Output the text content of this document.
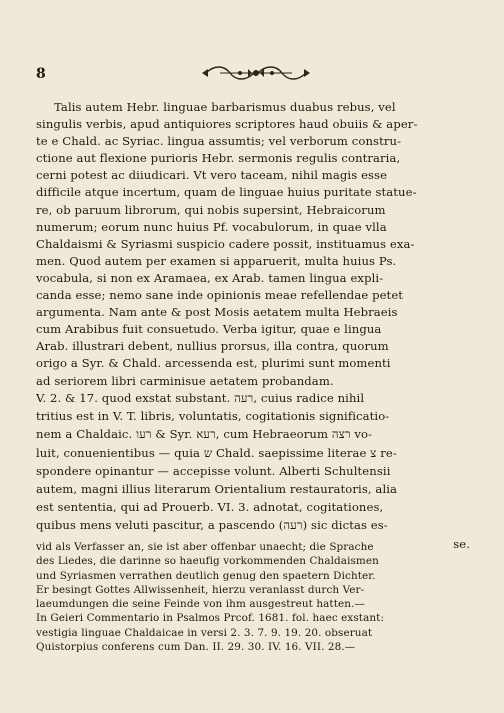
8
Talis autem Hebr. linguae barbarismus duabus rebus, vel
singulis verbis, apud antiquiores scriptores haud obuiis & aper-
te e Chald. ac Syriac. lingua assumtis; vel verborum constru-
ctione aut flexione purioris Hebr. sermonis regulis contraria,
cerni potest ac diiudicari. Vt vero taceam, nihil magis esse
difficile atque incertum, quam de linguae huius puritate statue-
re, ob paruum librorum, qui nobis supersint, Hebraicorum
numerum; eorum nunc huius Pf. vocabulorum, in quae vlla
Chaldaismi & Syriasmi suspicio cadere possit, instituamus exa-
men. Quod autem per examen si apparuerit, multa huius Ps.
vocabula, si non ex Aramaea, ex Arab. tamen lingua expli-
canda esse; nemo sane inde opinionis meae refellendae petet
argumenta. Nam ante & post Mosis aetatem multa Hebraeis
cum Arabibus fuit consuetudo. Verba igitur, quae e lingua
Arab. illustrari debent, nullius prorsus, illa contra, quorum
origo a Syr. & Chald. arcessenda est, plurimi sunt momenti
ad seriorem libri carminisue aetatem probandam.
V. 2. & 17. quod exstat substant. רעה, cuius radice nihil
tritius est in V. T. libris, voluntatis, cogitationis significatio-
nem a Chaldaic. רעו & Syr. רעא, cum Hebraeorum רצה vo-
luit, conuenientibus — quia ש Chald. saepissime literae צ re-
spondere opinantur — accepisse volunt. Alberti Schultensii
autem, magni illius literarum Orientalium restauratoris, alia
est sententia, qui ad Prouerb. VI. 3. adnotat, cogitationes,
quibus mens veluti pascitur, a pascendo (רעה) sic dictas es-
se.
vid als Verfasser an, sie ist aber offenbar unaecht; die Sprache
des Liedes, die darinne so haeufig vorkommenden Chaldaismen
und Syriasmen verrathen deutlich genug den spaetern Dichter.
Er besingt Gottes Allwissenheit, hierzu veranlasst durch Ver-
laeumdungen die seine Feinde von ihm ausgestreut hatten.—
In Geieri Commentario in Psalmos Prcof. 1681. fol. haec exstant:
vestigia linguae Chaldaicae in versi 2. 3. 7. 9. 19. 20. obseruat
Quistorpius conferens cum Dan. II. 29. 30. IV. 16. VII. 28.—
